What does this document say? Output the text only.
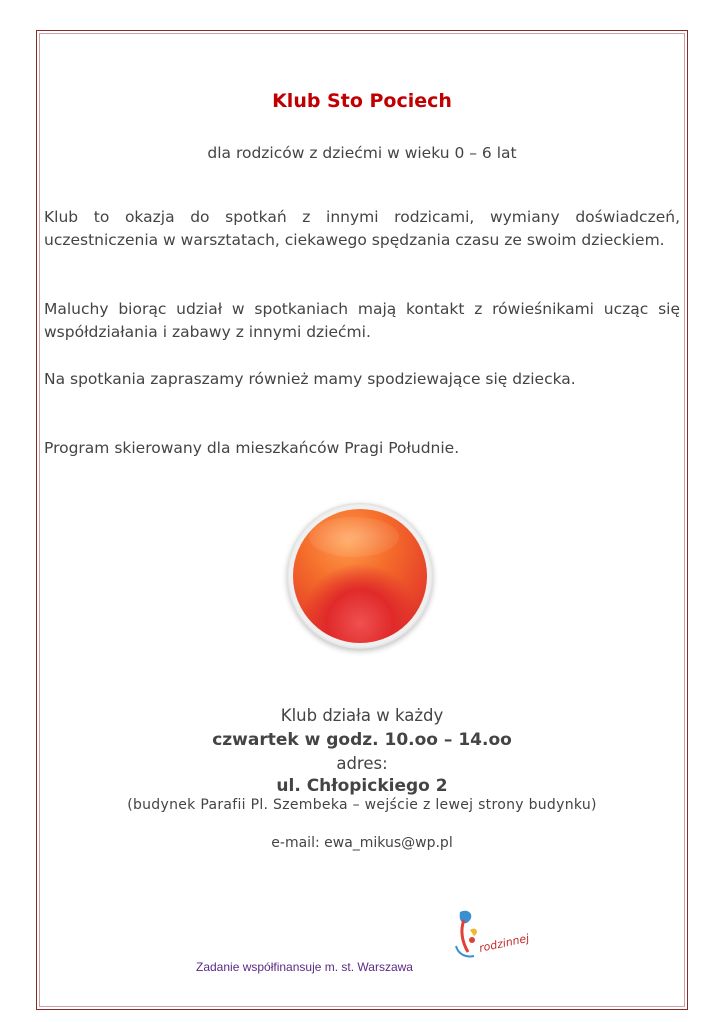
Klub Sto Pociech
dla rodziców z dziećmi w wieku 0 – 6 lat

Klub to okazja do spotkań z innymi rodzicami, wymiany doświadczeń, uczestniczenia w warsztatach, ciekawego spędzania czasu ze swoim dzieckiem.

Maluchy biorąc udział w spotkaniach mają kontakt z rówieśnikami ucząc się współdziałania i zabawy z innymi dziećmi.

Na spotkania zapraszamy również mamy spodziewające się dziecka.

Program skierowany dla mieszkańców Pragi Południe.

Klub działa w każdy
czwartek w godz. 10.oo – 14.oo
adres:
ul. Chłopickiego 2
(budynek Parafii Pl. Szembeka – wejście z lewej strony budynku)
e-mail: ewa_mikus@wp.pl
rodzinnej
Zadanie współfinansuje m. st. Warszawa
